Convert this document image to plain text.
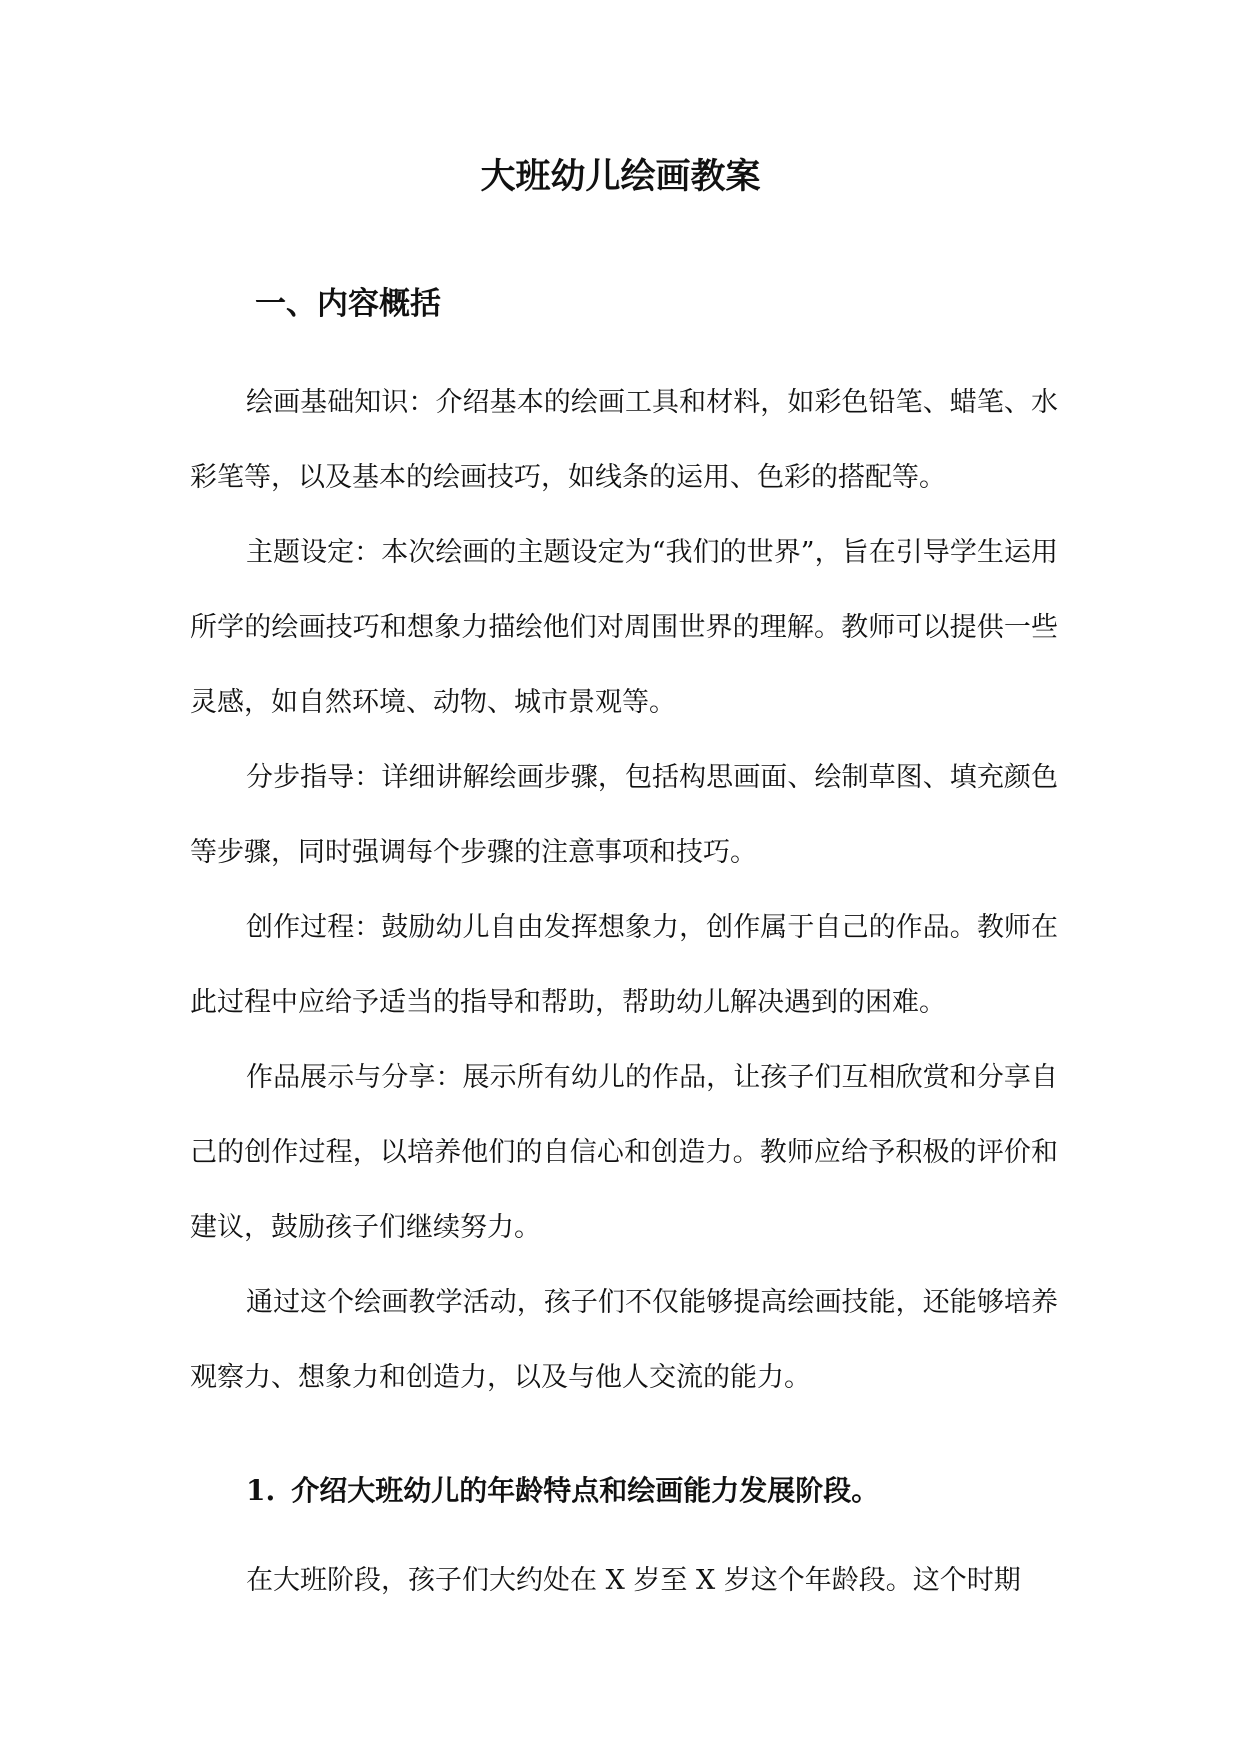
大班幼儿绘画教案
一、内容概括

绘画基础知识：介绍基本的绘画工具和材料，如彩色铅笔、蜡笔、水彩笔等，以及基本的绘画技巧，如线条的运用、色彩的搭配等。

主题设定：本次绘画的主题设定为“我们的世界”，旨在引导学生运用所学的绘画技巧和想象力描绘他们对周围世界的理解。教师可以提供一些灵感，如自然环境、动物、城市景观等。

分步指导：详细讲解绘画步骤，包括构思画面、绘制草图、填充颜色等步骤，同时强调每个步骤的注意事项和技巧。

创作过程：鼓励幼儿自由发挥想象力，创作属于自己的作品。教师在此过程中应给予适当的指导和帮助，帮助幼儿解决遇到的困难。

作品展示与分享：展示所有幼儿的作品，让孩子们互相欣赏和分享自己的创作过程，以培养他们的自信心和创造力。教师应给予积极的评价和建议，鼓励孩子们继续努力。

通过这个绘画教学活动，孩子们不仅能够提高绘画技能，还能够培养观察力、想象力和创造力，以及与他人交流的能力。

1. 介绍大班幼儿的年龄特点和绘画能力发展阶段。

在大班阶段，孩子们大约处在 X 岁至 X 岁这个年龄段。这个时期
